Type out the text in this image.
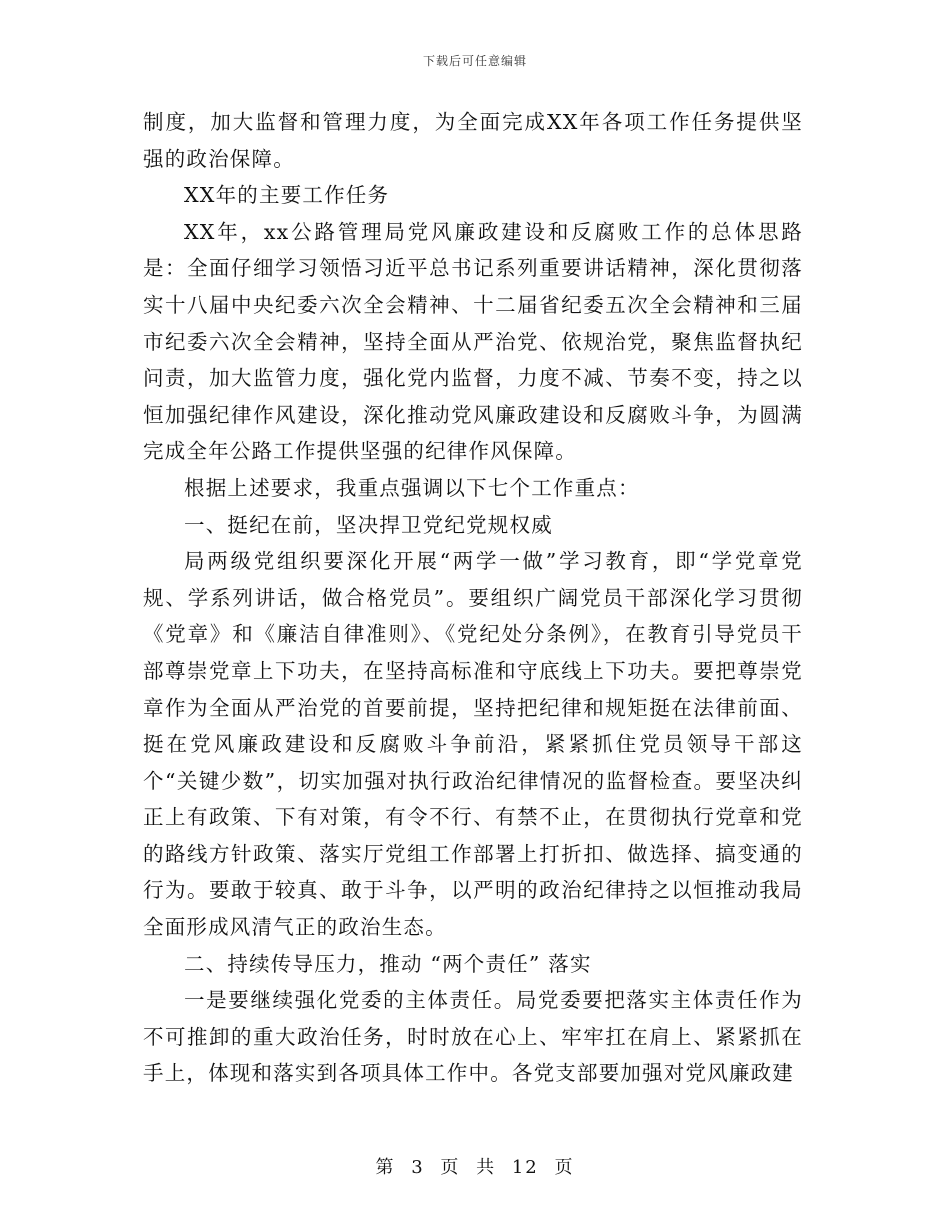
下载后可任意编辑

制度，加大监督和管理力度，为全面完成XX年各项工作任务提供坚强的政治保障。

XX年的主要工作任务

XX年，xx公路管理局党风廉政建设和反腐败工作的总体思路是：全面仔细学习领悟习近平总书记系列重要讲话精神，深化贯彻落实十八届中央纪委六次全会精神、十二届省纪委五次全会精神和三届市纪委六次全会精神，坚持全面从严治党、依规治党，聚焦监督执纪问责，加大监管力度，强化党内监督，力度不减、节奏不变，持之以恒加强纪律作风建设，深化推动党风廉政建设和反腐败斗争，为圆满完成全年公路工作提供坚强的纪律作风保障。

根据上述要求，我重点强调以下七个工作重点：

一、挺纪在前，坚决捍卫党纪党规权威

局两级党组织要深化开展“两学一做”学习教育，即“学党章党规、学系列讲话，做合格党员”。要组织广阔党员干部深化学习贯彻《党章》和《廉洁自律准则》、《党纪处分条例》，在教育引导党员干部尊崇党章上下功夫，在坚持高标准和守底线上下功夫。要把尊崇党章作为全面从严治党的首要前提，坚持把纪律和规矩挺在法律前面、挺在党风廉政建设和反腐败斗争前沿，紧紧抓住党员领导干部这个“关键少数”，切实加强对执行政治纪律情况的监督检查。要坚决纠正上有政策、下有对策，有令不行、有禁不止，在贯彻执行党章和党的路线方针政策、落实厅党组工作部署上打折扣、做选择、搞变通的行为。要敢于较真、敢于斗争，以严明的政治纪律持之以恒推动我局全面形成风清气正的政治生态。

二、持续传导压力，推动 “两个责任” 落实

一是要继续强化党委的主体责任。局党委要把落实主体责任作为不可推卸的重大政治任务，时时放在心上、牢牢扛在肩上、紧紧抓在手上，体现和落实到各项具体工作中。各党支部要加强对党风廉政建

第 3 页 共 12 页
